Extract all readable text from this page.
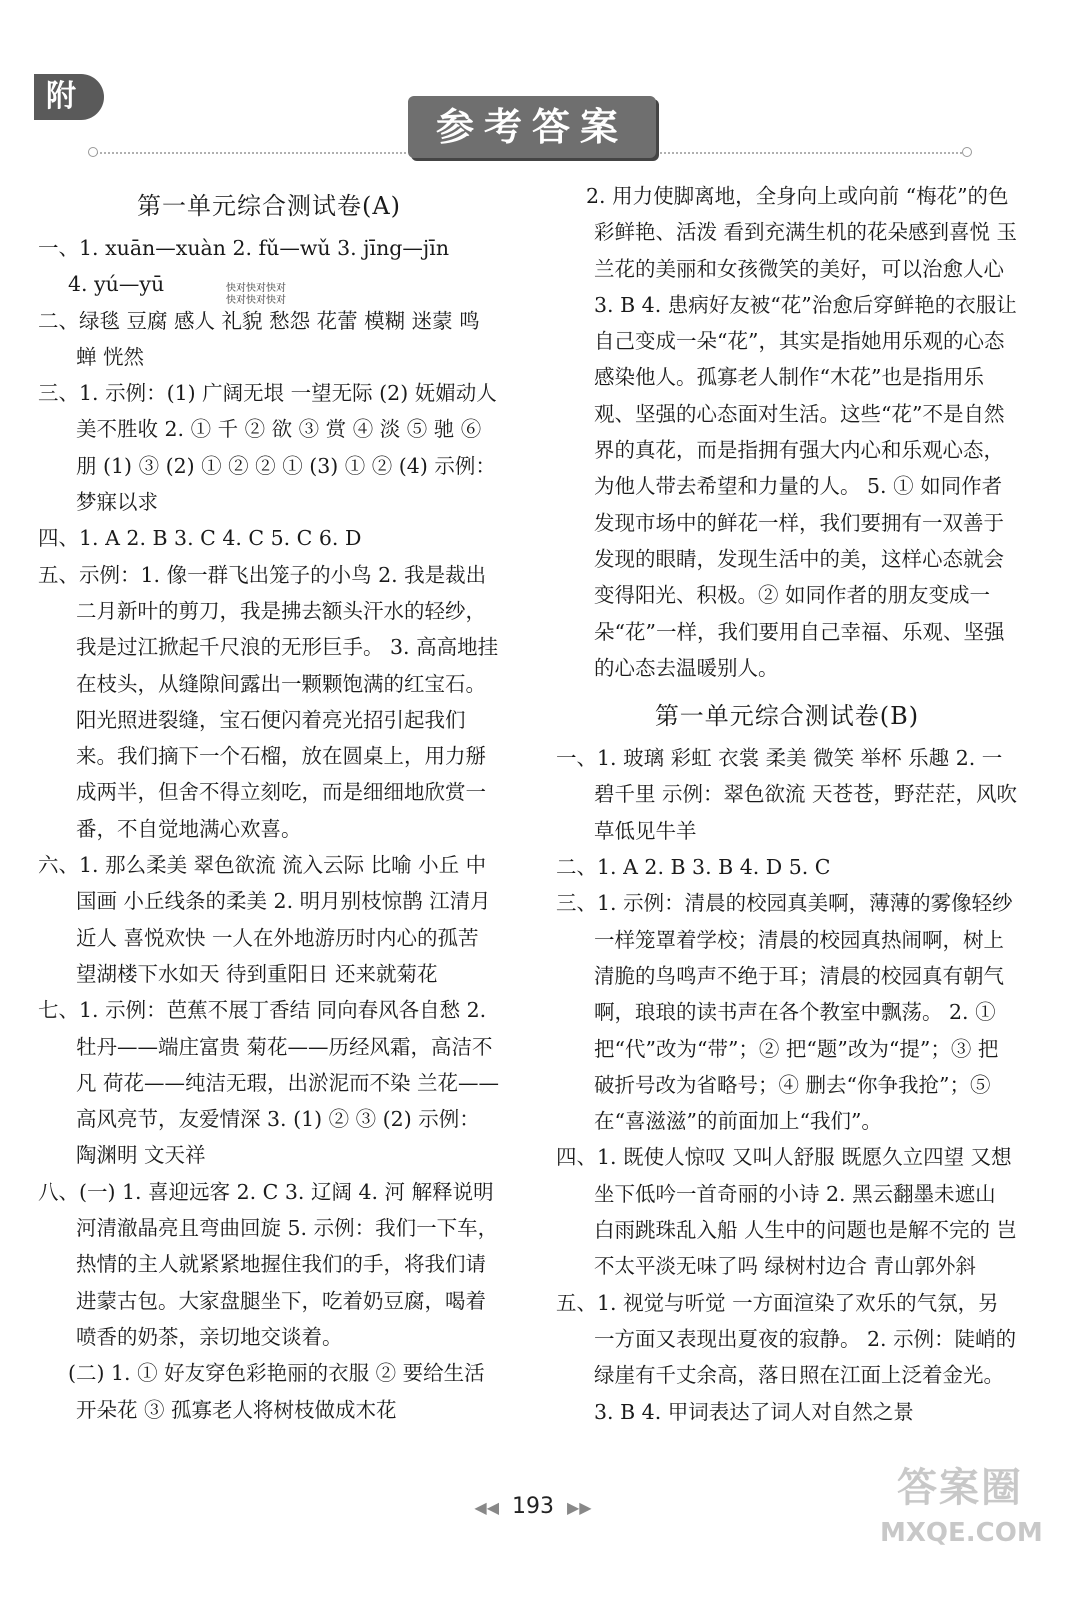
附
参考答案
快对快对快对
快对快对快对
第一单元综合测试卷(A)

一、1. xuān—xuàn 2. fǔ—wǔ 3. jīng—jīn

4. yú—yū

二、绿毯 豆腐 感人 礼貌 愁怨 花蕾 模糊 迷蒙 鸣蝉 恍然

三、1. 示例：(1) 广阔无垠 一望无际 (2) 妩媚动人 美不胜收 2. ① 千 ② 欲 ③ 赏 ④ 淡 ⑤ 驰 ⑥ 朋 (1) ③ (2) ① ② ② ① (3) ① ② (4) 示例：梦寐以求

四、1. A 2. B 3. C 4. C 5. C 6. D

五、示例：1. 像一群飞出笼子的小鸟 2. 我是裁出二月新叶的剪刀，我是拂去额头汗水的轻纱，我是过江掀起千尺浪的无形巨手。 3. 高高地挂在枝头，从缝隙间露出一颗颗饱满的红宝石。阳光照进裂缝，宝石便闪着亮光招引起我们来。我们摘下一个石榴，放在圆桌上，用力掰成两半，但舍不得立刻吃，而是细细地欣赏一番，不自觉地满心欢喜。

六、1. 那么柔美 翠色欲流 流入云际 比喻 小丘 中国画 小丘线条的柔美 2. 明月别枝惊鹊 江清月近人 喜悦欢快 一人在外地游历时内心的孤苦 望湖楼下水如天 待到重阳日 还来就菊花

七、1. 示例：芭蕉不展丁香结 同向春风各自愁 2. 牡丹——端庄富贵 菊花——历经风霜，高洁不凡 荷花——纯洁无瑕，出淤泥而不染 兰花——高风亮节，友爱情深 3. (1) ② ③ (2) 示例：陶渊明 文天祥

八、(一) 1. 喜迎远客 2. C 3. 辽阔 4. 河 解释说明 河清澈晶亮且弯曲回旋 5. 示例：我们一下车，热情的主人就紧紧地握住我们的手，将我们请进蒙古包。大家盘腿坐下，吃着奶豆腐，喝着喷香的奶茶，亲切地交谈着。

(二) 1. ① 好友穿色彩艳丽的衣服 ② 要给生活开朵花 ③ 孤寡老人将树枝做成木花

2. 用力使脚离地，全身向上或向前 “梅花”的色彩鲜艳、活泼 看到充满生机的花朵感到喜悦 玉兰花的美丽和女孩微笑的美好，可以治愈人心 3. B 4. 患病好友被“花”治愈后穿鲜艳的衣服让自己变成一朵“花”，其实是指她用乐观的心态感染他人。孤寡老人制作“木花”也是指用乐观、坚强的心态面对生活。这些“花”不是自然界的真花，而是指拥有强大内心和乐观心态，为他人带去希望和力量的人。 5. ① 如同作者发现市场中的鲜花一样，我们要拥有一双善于发现的眼睛，发现生活中的美，这样心态就会变得阳光、积极。② 如同作者的朋友变成一朵“花”一样，我们要用自己幸福、乐观、坚强的心态去温暖别人。

第一单元综合测试卷(B)

一、1. 玻璃 彩虹 衣裳 柔美 微笑 举杯 乐趣 2. 一碧千里 示例：翠色欲流 天苍苍，野茫茫，风吹草低见牛羊

二、1. A 2. B 3. B 4. D 5. C

三、1. 示例：清晨的校园真美啊，薄薄的雾像轻纱一样笼罩着学校；清晨的校园真热闹啊，树上清脆的鸟鸣声不绝于耳；清晨的校园真有朝气啊，琅琅的读书声在各个教室中飘荡。 2. ① 把“代”改为“带”；② 把“题”改为“提”；③ 把破折号改为省略号；④ 删去“你争我抢”；⑤ 在“喜滋滋”的前面加上“我们”。

四、1. 既使人惊叹 又叫人舒服 既愿久立四望 又想坐下低吟一首奇丽的小诗 2. 黑云翻墨未遮山 白雨跳珠乱入船 人生中的问题也是解不完的 岂不太平淡无味了吗 绿树村边合 青山郭外斜

五、1. 视觉与听觉 一方面渲染了欢乐的气氛，另一方面又表现出夏夜的寂静。 2. 示例：陡峭的绿崖有千丈余高，落日照在江面上泛着金光。 3. B 4. 甲词表达了词人对自然之景

◀◀ 193 ▶▶	答案圈
MXQE.COM
